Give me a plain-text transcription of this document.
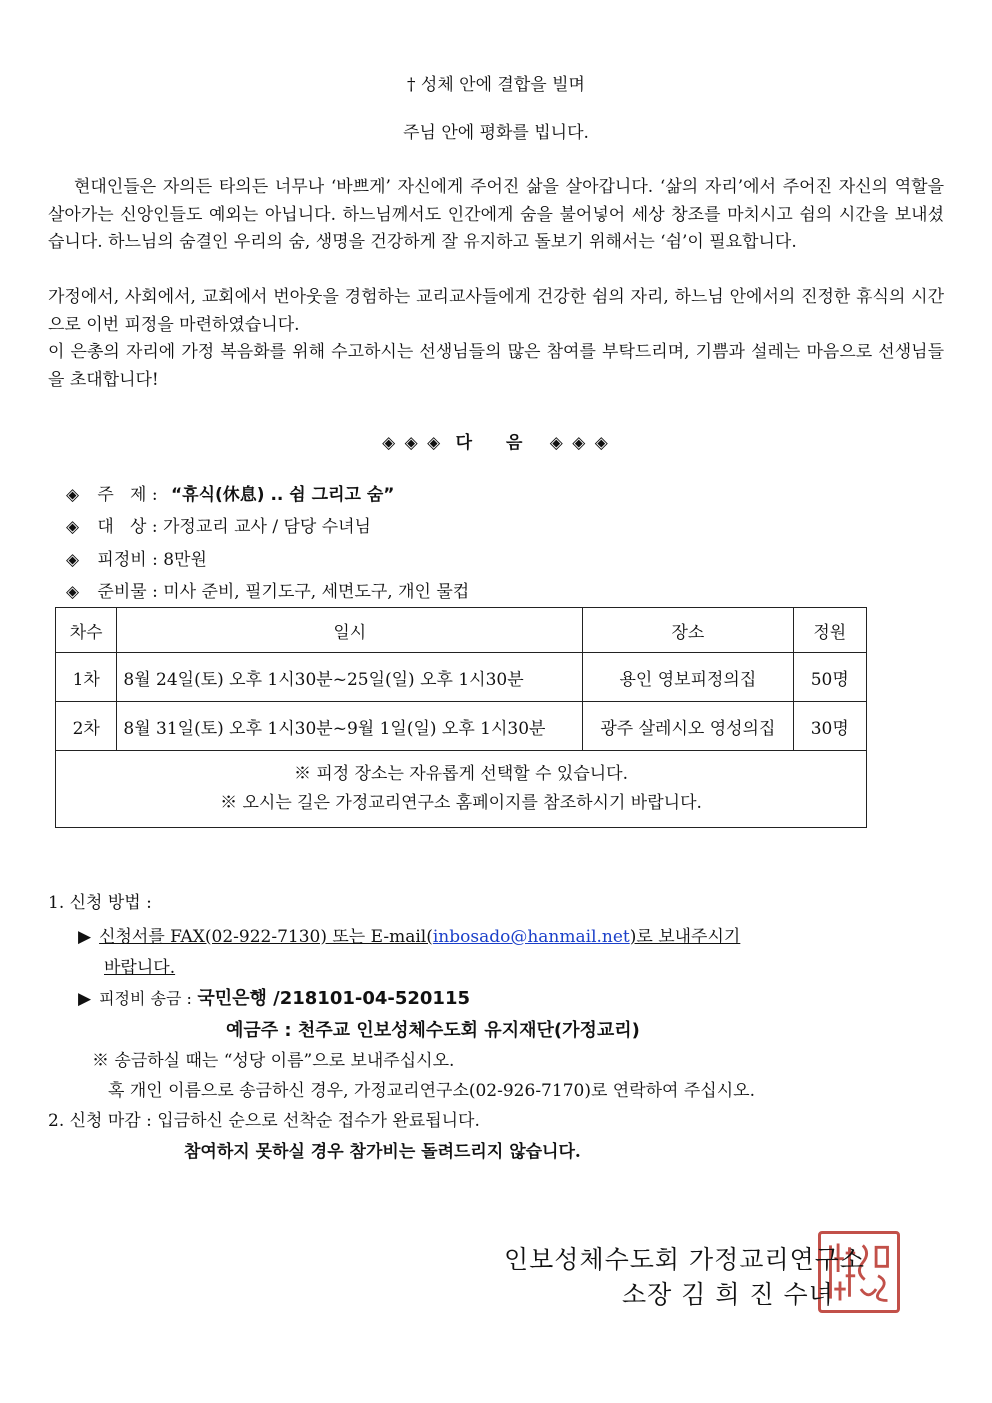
† 성체 안에 결합을 빌며
주님 안에 평화를 빕니다.
현대인들은 자의든 타의든 너무나 ‘바쁘게’ 자신에게 주어진 삶을 살아갑니다. ‘삶의 자리’에서 주어진 자신의 역할을 살아가는 신앙인들도 예외는 아닙니다. 하느님께서도 인간에게 숨을 불어넣어 세상 창조를 마치시고 쉼의 시간을 보내셨습니다. 하느님의 숨결인 우리의 숨, 생명을 건강하게 잘 유지하고 돌보기 위해서는 ‘쉼’이 필요합니다.
가정에서, 사회에서, 교회에서 번아웃을 경험하는 교리교사들에게 건강한 쉼의 자리, 하느님 안에서의 진정한 휴식의 시간으로 이번 피정을 마련하였습니다.
이 은총의 자리에 가정 복음화를 위해 수고하시는 선생님들의 많은 참여를 부탁드리며, 기쁨과 설레는 마음으로 선생님들을 초대합니다!
◈ ◈ ◈ 다 음 ◈ ◈ ◈
◈ 주   제 : “휴식(休息) .. 쉼 그리고 숨”
◈ 대   상 : 가정교리 교사 / 담당 수녀님
◈ 피정비 : 8만원
◈ 준비물 : 미사 준비, 필기도구, 세면도구, 개인 물컵
차수	일시	장소	정원
1차	8월 24일(토) 오후 1시30분~25일(일) 오후 1시30분	용인 영보피정의집	50명
2차	8월 31일(토) 오후 1시30분~9월 1일(일) 오후 1시30분	광주 살레시오 영성의집	30명

※ 피정 장소는 자유롭게 선택할 수 있습니다.
※ 오시는 길은 가정교리연구소 홈페이지를 참조하시기 바랍니다.			
1. 신청 방법 :
▶ 신청서를 FAX(02-922-7130) 또는 E-mail(inbosado@hanmail.net)로 보내주시기
바랍니다.
▶ 피정비 송금 : 국민은행 /218101-04-520115
예금주 : 천주교 인보성체수도회 유지재단(가정교리)
※ 송금하실 때는 “성당 이름”으로 보내주십시오.
혹 개인 이름으로 송금하신 경우, 가정교리연구소(02-926-7170)로 연락하여 주십시오.
2. 신청 마감 : 입금하신 순으로 선착순 접수가 완료됩니다.
참여하지 못하실 경우 참가비는 돌려드리지 않습니다.
인보성체수도회 가정교리연구소
소장 김 희 진 수녀
